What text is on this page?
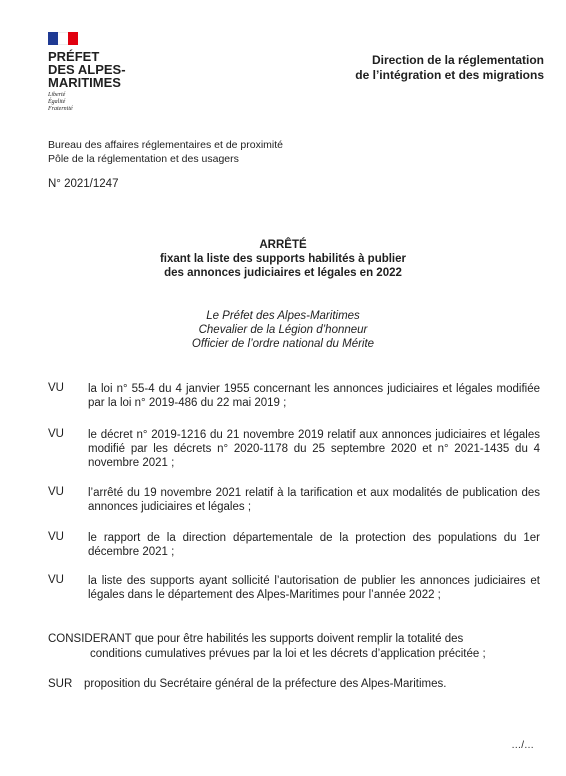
PRÉFET
DES ALPES-
MARITIMES
Liberté
Égalité
Fraternité
Direction de la réglementation
de l’intégration et des migrations
Bureau des affaires réglementaires et de proximité
Pôle de la réglementation et des usagers
N° 2021/1247
ARRÊTÉ
fixant la liste des supports habilités à publier
des annonces judiciaires et légales en 2022
Le Préfet des Alpes-Maritimes
Chevalier de la Légion d’honneur
Officier de l’ordre national du Mérite
VU la loi n° 55-4 du 4 janvier 1955 concernant les annonces judiciaires et légales modifiée par la loi n° 2019-486 du 22 mai 2019 ;
VU le décret n° 2019-1216 du 21 novembre 2019 relatif aux annonces judiciaires et légales modifié par les décrets n° 2020-1178 du 25 septembre 2020 et n° 2021-1435 du 4 novembre 2021 ;
VU l’arrêté du 19 novembre 2021 relatif à la tarification et aux modalités de publication des annonces judiciaires et légales ;
VU le rapport de la direction départementale de la protection des populations du 1er décembre 2021 ;
VU la liste des supports ayant sollicité l’autorisation de publier les annonces judiciaires et légales dans le département des Alpes-Maritimes pour l’année 2022 ;
CONSIDERANT que pour être habilités les supports doivent remplir la totalité des
conditions cumulatives prévues par la loi et les décrets d’application précitée ;
SUR proposition du Secrétaire général de la préfecture des Alpes-Maritimes.
…/…
